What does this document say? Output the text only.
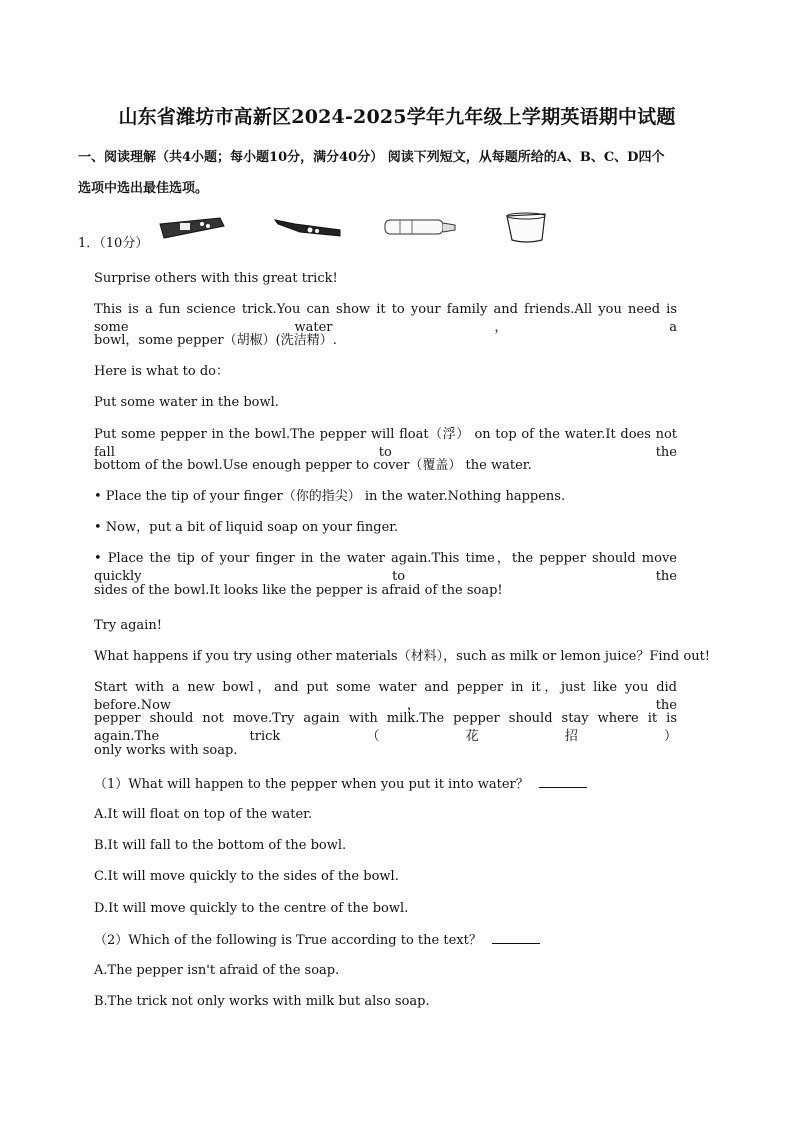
山东省潍坊市高新区2024-2025学年九年级上学期英语期中试题
一、阅读理解（共4小题；每小题10分，满分40分） 阅读下列短文，从每题所给的A、B、C、D四个
选项中选出最佳选项。
1．（10分）
Surprise others with this great trick!
This is a fun science trick.You can show it to your family and friends.All you need is some water，a
bowl，some pepper（胡椒）(洗洁精）.
Here is what to do：
Put some water in the bowl.
Put some pepper in the bowl.The pepper will float（浮） on top of the water.It does not fall to the
bottom of the bowl.Use enough pepper to cover（覆盖） the water.
• Place the tip of your finger（你的指尖） in the water.Nothing happens.
• Now，put a bit of liquid soap on your finger.
• Place the tip of your finger in the water again.This time，the pepper should move quickly to the
sides of the bowl.It looks like the pepper is afraid of the soap!
Try again!
What happens if you try using other materials（材料），such as milk or lemon juice？Find out!
Start with a new bowl，and put some water and pepper in it，just like you did before.Now，the
pepper should not move.Try again with milk.The pepper should stay where it is again.The trick（花招）
only works with soap.
（1）What will happen to the pepper when you put it into water？
A.It will float on top of the water.
B.It will fall to the bottom of the bowl.
C.It will move quickly to the sides of the bowl.
D.It will move quickly to the centre of the bowl.
（2）Which of the following is True according to the text？
A.The pepper isn't afraid of the soap.
B.The trick not only works with milk but also soap.
